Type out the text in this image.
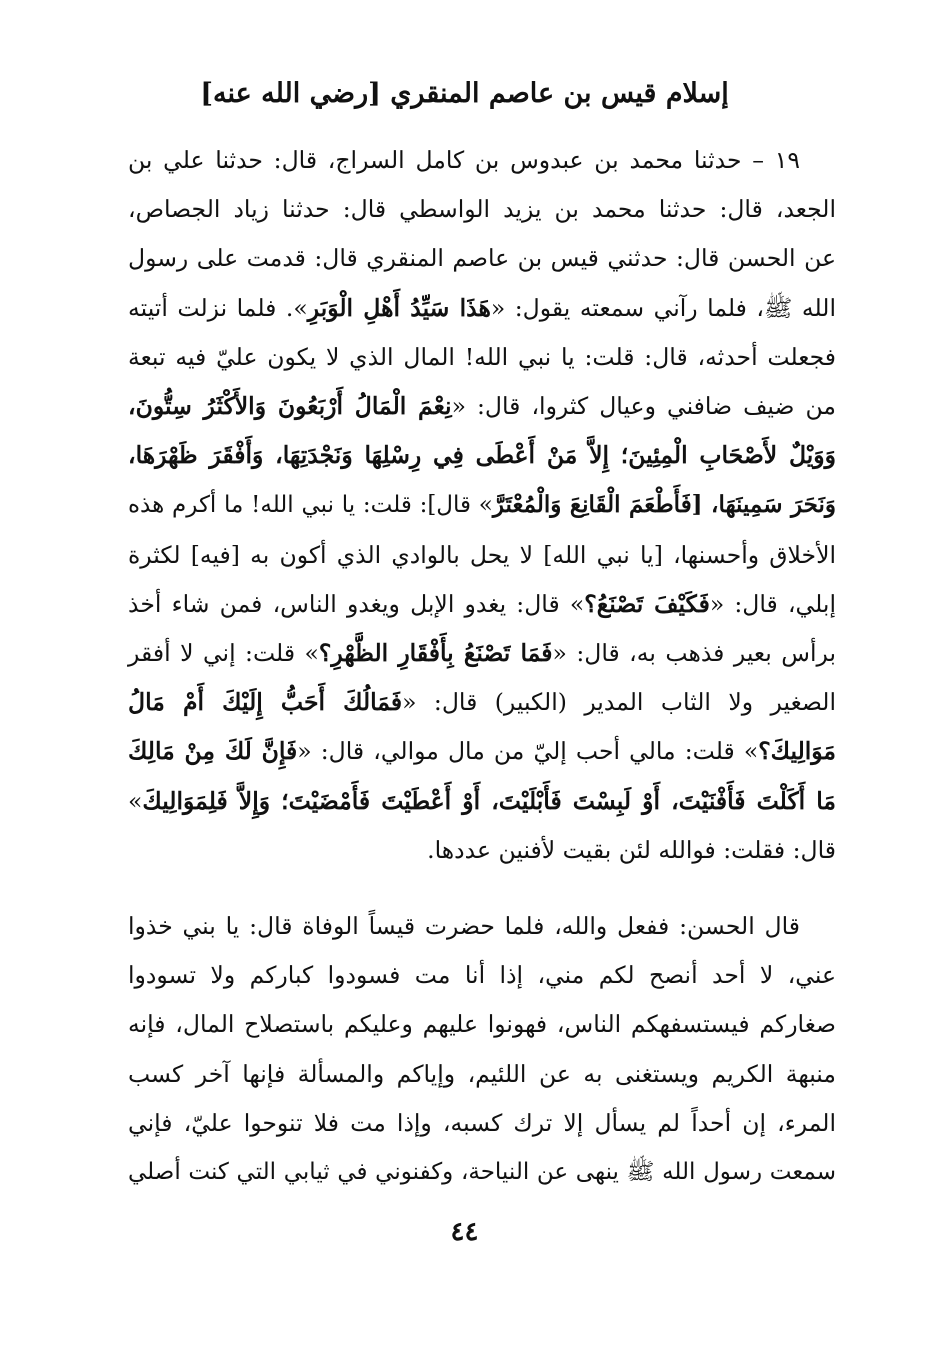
إسلام قيس بن عاصم المنقري [رضي الله عنه]
١٩ – حدثنا محمد بن عبدوس بن كامل السراج، قال: حدثنا علي بن
الجعد، قال: حدثنا محمد بن يزيد الواسطي قال: حدثنا زياد الجصاص،
عن الحسن قال: حدثني قيس بن عاصم المنقري قال: قدمت على رسول
الله ﷺ، فلما رآني سمعته يقول: «هَذَا سَيِّدُ أَهْلِ الْوَبَرِ». فلما نزلت أتيته
فجعلت أحدثه، قال: قلت: يا نبي الله! المال الذي لا يكون عليّ فيه تبعة
من ضيف ضافني وعيال كثروا، قال: «نِعْمَ الْمَالُ أَرْبَعُونَ وَالأَكْثَرُ سِتُّونَ،
وَوَيْلٌ لأَصْحَابِ الْمِئِينَ؛ إِلاَّ مَنْ أَعْطَى فِي رِسْلِهَا وَنَجْدَتِهَا، وَأَفْقَرَ ظَهْرَهَا،
وَنَحَرَ سَمِينَهَا، [فَأَطْعَمَ الْقَانِعَ وَالْمُعْتَرَّ» قال]: قلت: يا نبي الله! ما أكرم هذه
الأخلاق وأحسنها، [يا نبي الله] لا يحل بالوادي الذي أكون به [فيه] لكثرة
إبلي، قال: «فَكَيْفَ تَصْنَعُ؟» قال: يغدو الإبل ويغدو الناس، فمن شاء أخذ
برأس بعير فذهب به، قال: «فَمَا تَصْنَعُ بِأَفْقَارِ الظَّهْرِ؟» قلت: إني لا أفقر
الصغير ولا الثاب المدير (الكبير) قال: «فَمَالُكَ أَحَبُّ إِلَيْكَ أَمْ مَالُ
مَوَالِيكَ؟» قلت: مالي أحب إليّ من مال موالي، قال: «فَإِنَّ لَكَ مِنْ مَالِكَ
مَا أَكَلْتَ فَأَفْنَيْتَ، أَوْ لَبِسْتَ فَأَبْلَيْتَ، أَوْ أَعْطَيْتَ فَأَمْضَيْتَ؛ وَإِلاَّ فَلِمَوَالِيكَ»
قال: فقلت: فوالله لئن بقيت لأفنين عددها.
قال الحسن: ففعل والله، فلما حضرت قيساً الوفاة قال: يا بني خذوا
عني، لا أحد أنصح لكم مني، إذا أنا مت فسودوا كباركم ولا تسودوا
صغاركم فيستسفهكم الناس، فهونوا عليهم وعليكم باستصلاح المال، فإنه
منبهة الكريم ويستغنى به عن اللئيم، وإياكم والمسألة فإنها آخر كسب
المرء، إن أحداً لم يسأل إلا ترك كسبه، وإذا مت فلا تنوحوا عليّ، فإني
سمعت رسول الله ﷺ ينهى عن النياحة، وكفنوني في ثيابي التي كنت أصلي
٤٤
